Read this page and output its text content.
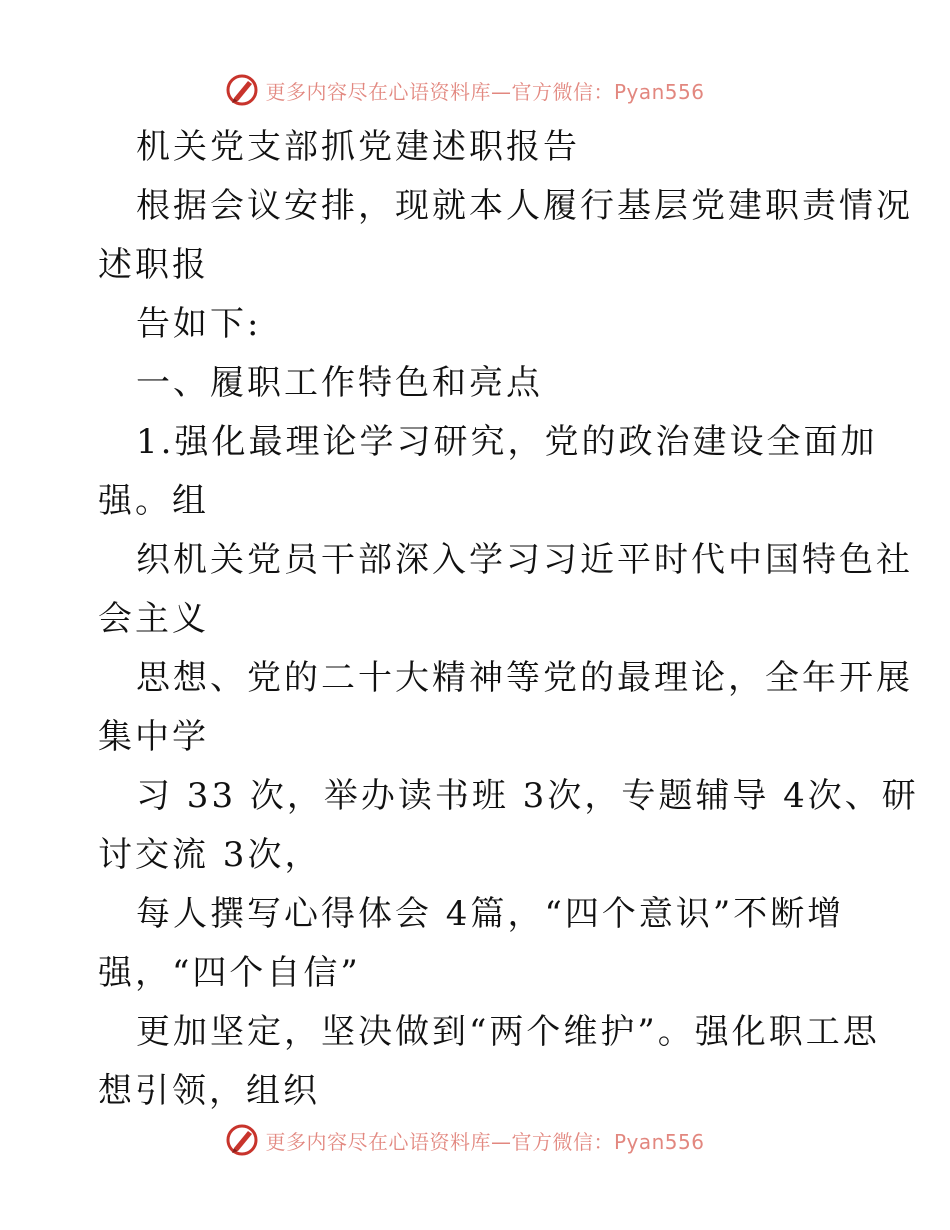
更多内容尽在心语资料库—官方微信：Pyan556
机关党支部抓党建述职报告
根据会议安排，现就本人履行基层党建职责情况
述职报
告如下:
一、履职工作特色和亮点
1.强化最理论学习研究，党的政治建设全面加
强。组
织机关党员干部深入学习习近平时代中国特色社
会主义
思想、党的二十大精神等党的最理论，全年开展
集中学
习 33 次，举办读书班 3次，专题辅导 4次、研
讨交流 3次，
每人撰写心得体会 4篇，“四个意识”不断增
强，“四个自信”
更加坚定，坚决做到“两个维护”。强化职工思
想引领，组织
更多内容尽在心语资料库—官方微信：Pyan556
